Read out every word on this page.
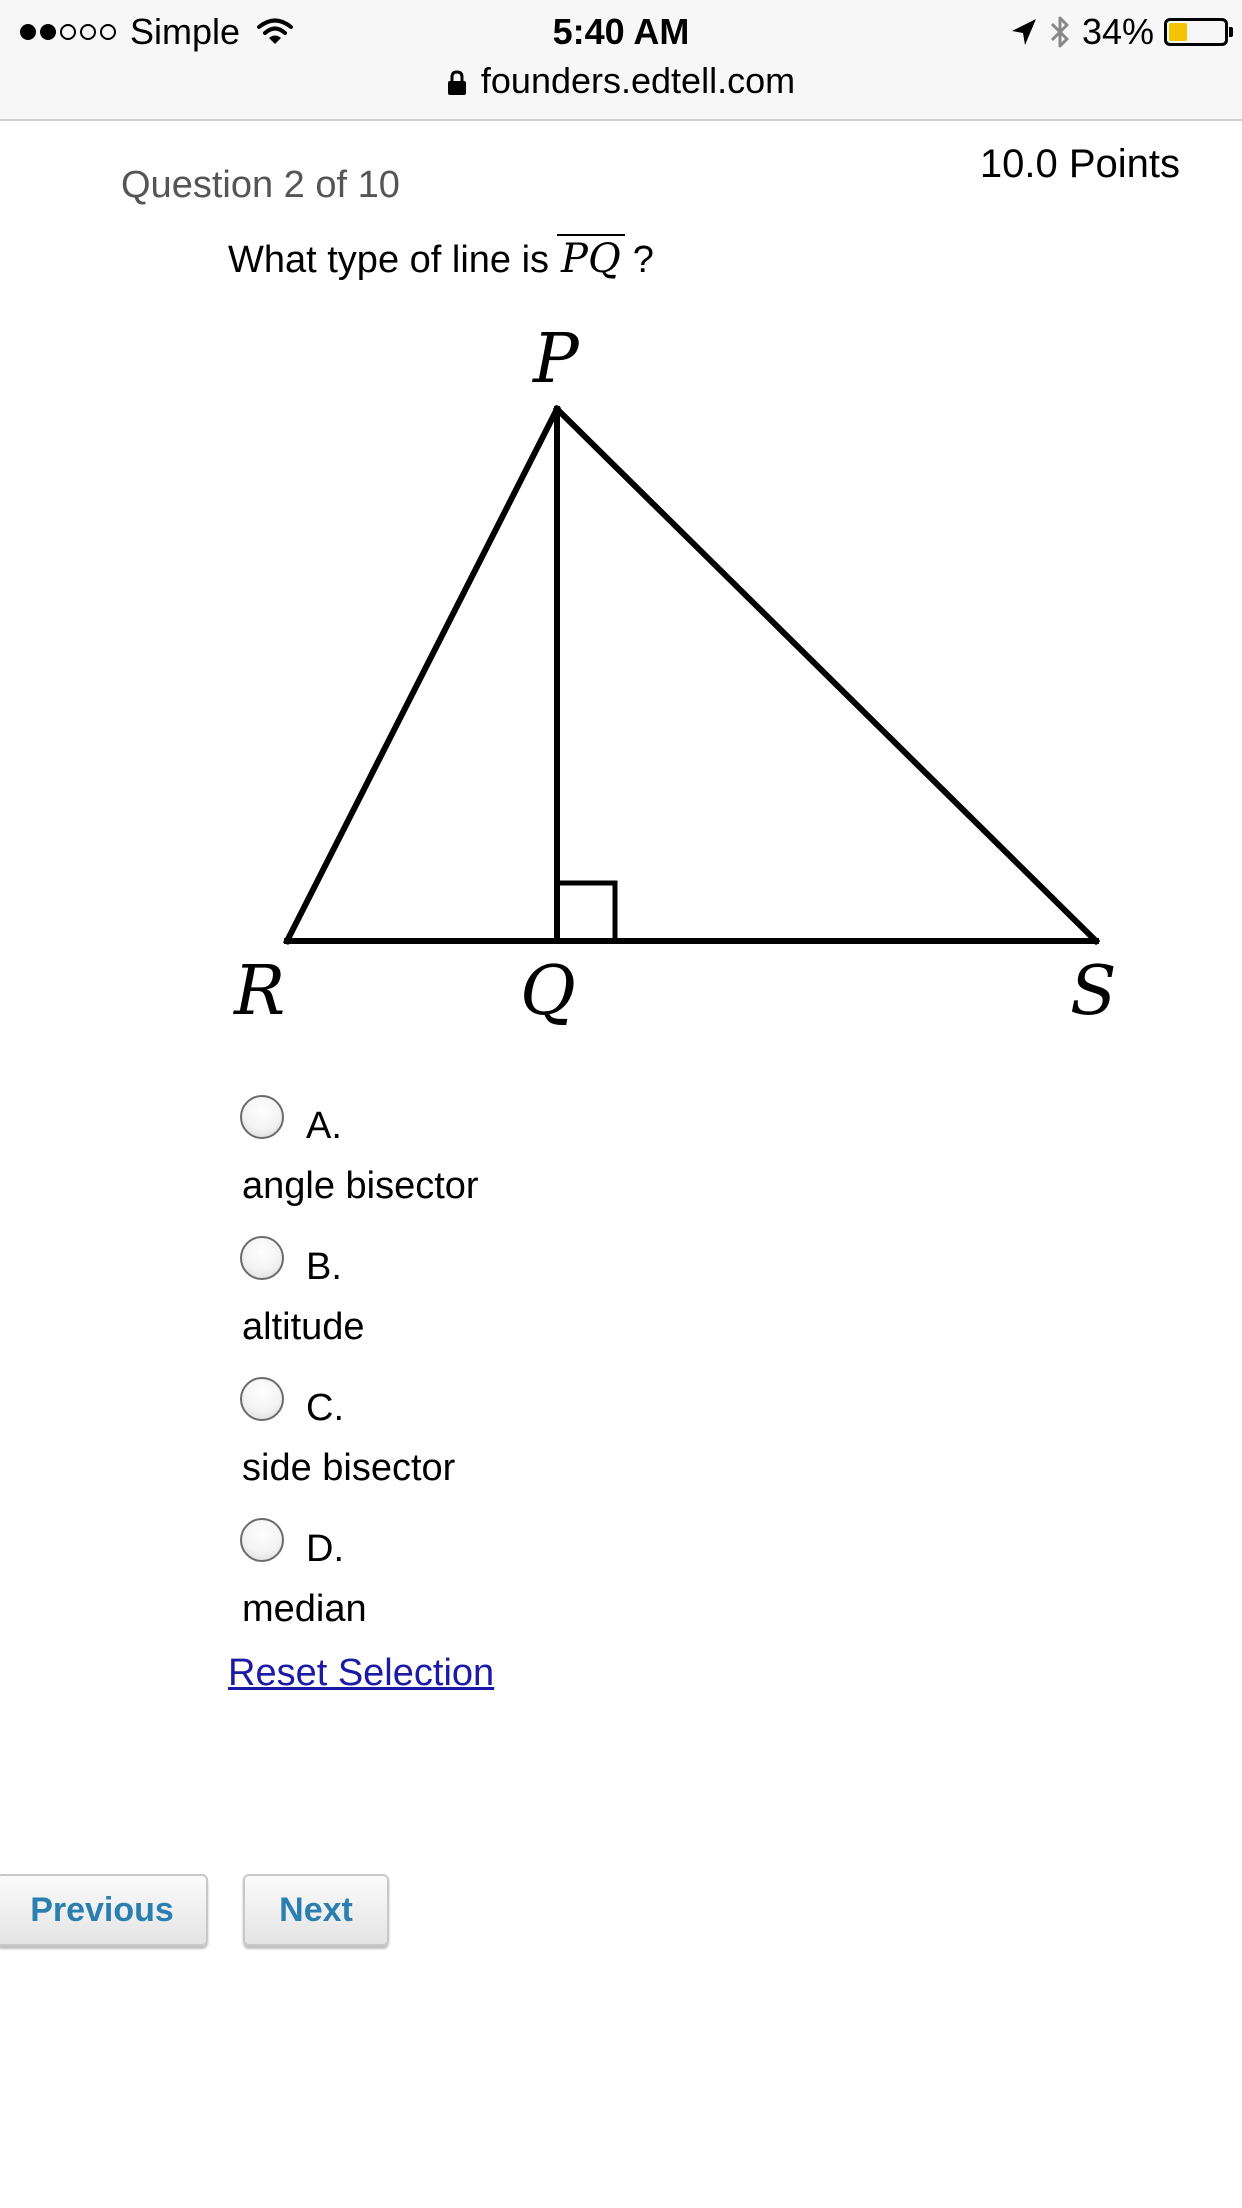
Simple	5:40 AM	34%
founders.edtell.com
Question 2 of 10	10.0 Points
What type of line is PQ ?
P
R	Q	S
A.
angle bisector
B.
altitude
C.
side bisector
D.
median
Reset Selection
Previous	Next
